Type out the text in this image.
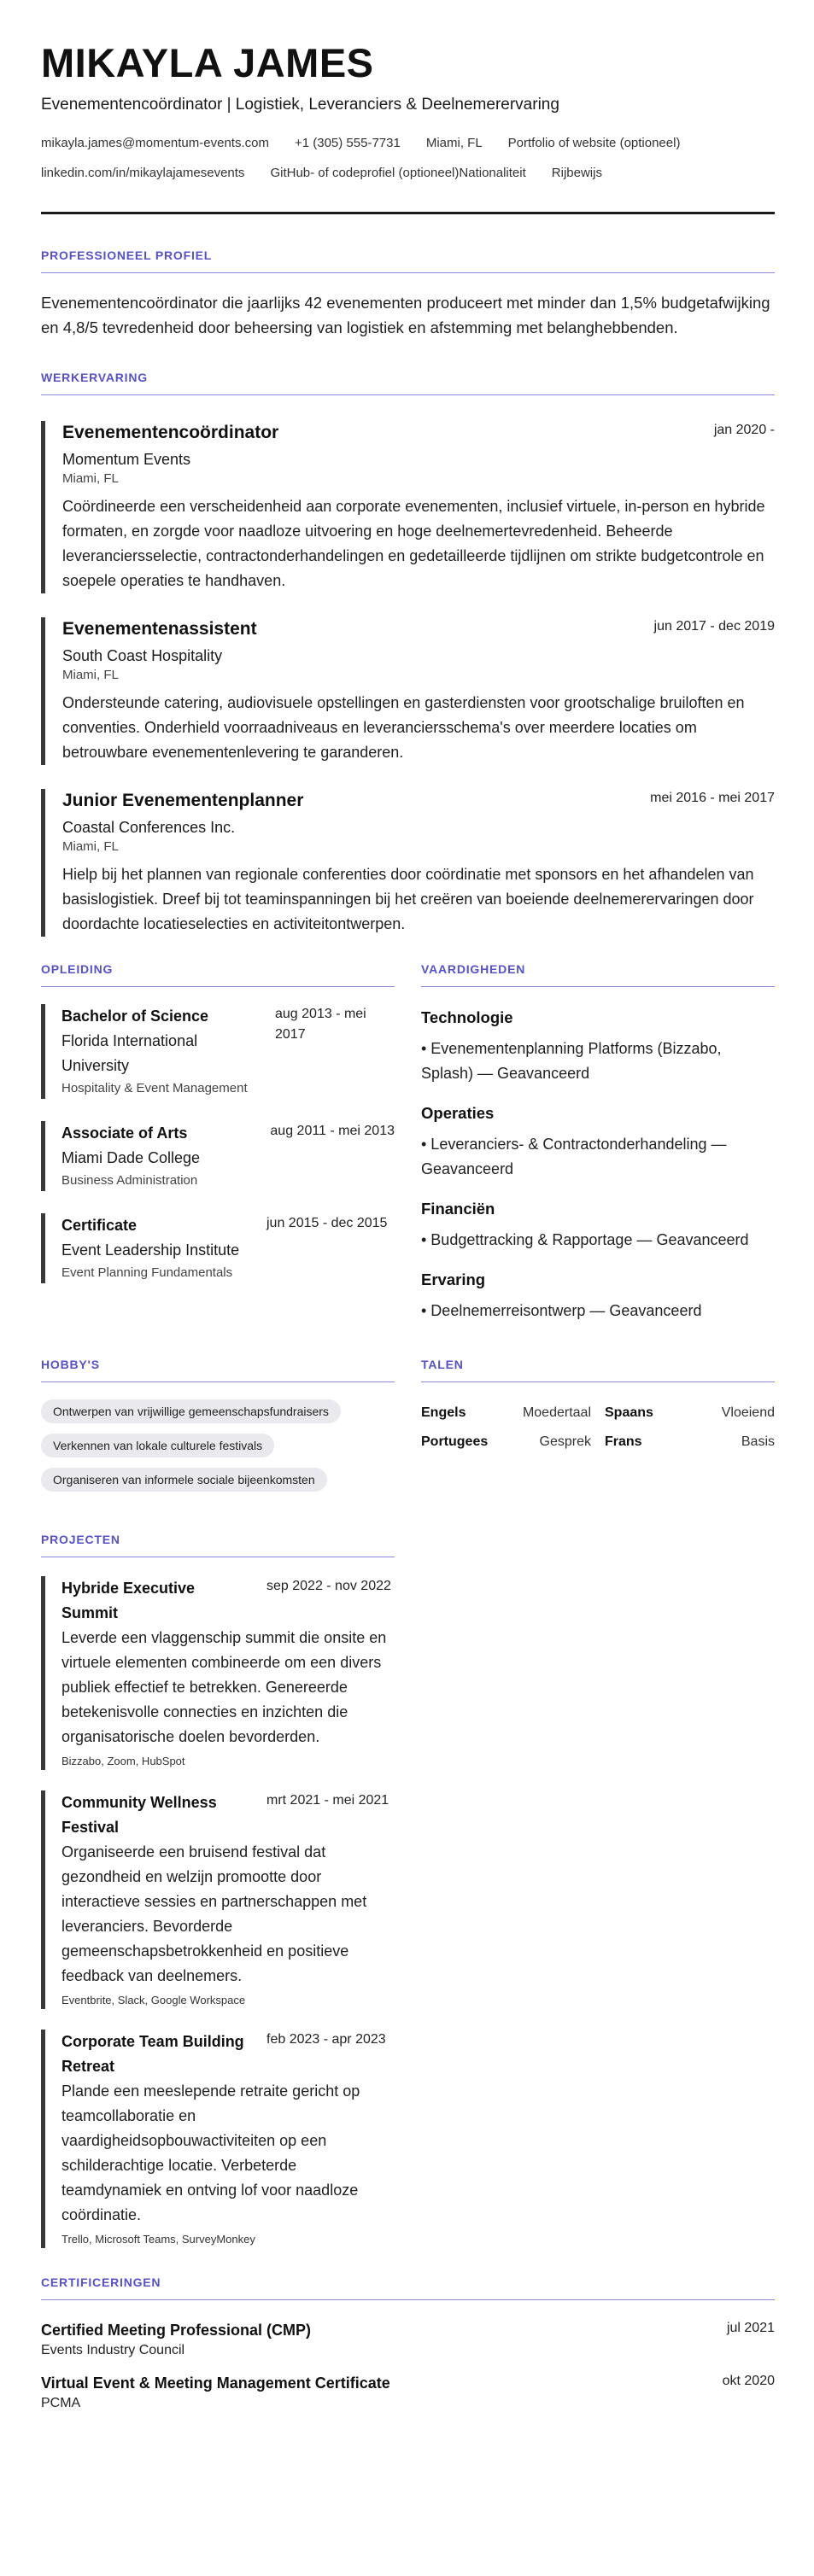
MIKAYLA JAMES
Evenementencoördinator | Logistiek, Leveranciers & Deelnemerervaring
mikayla.james@momentum-events.com +1 (305) 555-7731 Miami, FL Portfolio of website (optioneel)
linkedin.com/in/mikaylajamesevents GitHub- of codeprofiel (optioneel) Nationaliteit Rijbewijs
PROFESSIONEEL PROFIEL
Evenementencoördinator die jaarlijks 42 evenementen produceert met minder dan 1,5% budgetafwijking en 4,8/5 tevredenheid door beheersing van logistiek en afstemming met belanghebbenden.
WERKERVARING
Evenementencoördinator	jan 2020 -
Momentum Events
Miami, FL
Coördineerde een verscheidenheid aan corporate evenementen, inclusief virtuele, in-person en hybride formaten, en zorgde voor naadloze uitvoering en hoge deelnemertevredenheid. Beheerde leveranciersselectie, contractonderhandelingen en gedetailleerde tijdlijnen om strikte budgetcontrole en soepele operaties te handhaven.
Evenementenassistent	jun 2017 - dec 2019
South Coast Hospitality
Miami, FL
Ondersteunde catering, audiovisuele opstellingen en gasterdiensten voor grootschalige bruiloften en conventies. Onderhield voorraadniveaus en leveranciersschema's over meerdere locaties om betrouwbare evenementenlevering te garanderen.
Junior Evenementenplanner	mei 2016 - mei 2017
Coastal Conferences Inc.
Miami, FL
Hielp bij het plannen van regionale conferenties door coördinatie met sponsors en het afhandelen van basislogistiek. Dreef bij tot teaminspanningen bij het creëren van boeiende deelnemerervaringen door doordachte locatieselecties en activiteitontwerpen.
OPLEIDING
Bachelor of Science
Florida International University
Hospitality & Event Management
aug 2013 - mei 2017
Associate of Arts
Miami Dade College
Business Administration
aug 2011 - mei 2013
Certificate
Event Leadership Institute
Event Planning Fundamentals
jun 2015 - dec 2015
VAARDIGHEDEN
Technologie
• Evenementenplanning Platforms (Bizzabo, Splash) — Geavanceerd
Operaties
• Leveranciers- & Contractonderhandeling — Geavanceerd
Financiën
• Budgettracking & Rapportage — Geavanceerd
Ervaring
• Deelnemerreisontwerp — Geavanceerd
HOBBY'S
Ontwerpen van vrijwillige gemeenschapsfundraisers
Verkennen van lokale culturele festivals
Organiseren van informele sociale bijeenkomsten
TALEN
Engels	Moedertaal Spaans	Vloeiend
Portugees	Gesprek Frans	Basis
PROJECTEN
Hybride Executive Summit
sep 2022 - nov 2022
Leverde een vlaggenschip summit die onsite en virtuele elementen combineerde om een divers publiek effectief te betrekken. Genereerde betekenisvolle connecties en inzichten die organisatorische doelen bevorderden.
Bizzabo, Zoom, HubSpot
Community Wellness Festival
mrt 2021 - mei 2021
Organiseerde een bruisend festival dat gezondheid en welzijn promootte door interactieve sessies en partnerschappen met leveranciers. Bevorderde gemeenschapsbetrokkenheid en positieve feedback van deelnemers.
Eventbrite, Slack, Google Workspace
Corporate Team Building Retreat
feb 2023 - apr 2023
Plande een meeslepende retraite gericht op teamcollaboratie en vaardigheidsopbouwactiviteiten op een schilderachtige locatie. Verbeterde teamdynamiek en ontving lof voor naadloze coördinatie.
Trello, Microsoft Teams, SurveyMonkey
CERTIFICERINGEN
Certified Meeting Professional (CMP)
Events Industry Council
jul 2021
Virtual Event & Meeting Management Certificate
PCMA
okt 2020
